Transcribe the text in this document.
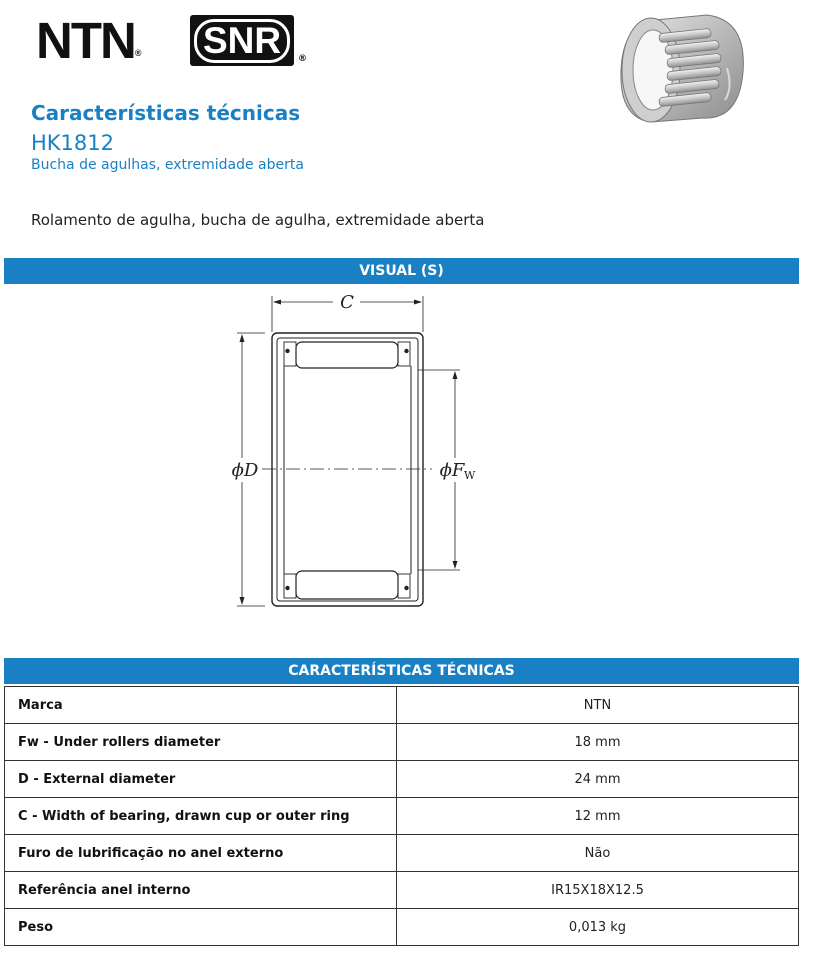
NTN® SNR	®
Características técnicas
HK1812
Bucha de agulhas, extremidade aberta
Rolamento de agulha, bucha de agulha, extremidade aberta
VISUAL (S)
C
ϕD	ϕF W
CARACTERÍSTICAS TÉCNICAS
Marca	NTN
Fw - Under rollers diameter	18 mm
D - External diameter	24 mm
C - Width of bearing, drawn cup or outer ring	12 mm
Furo de lubrificação no anel externo	Não
Referência anel interno	IR15X18X12.5
Peso	0,013 kg
